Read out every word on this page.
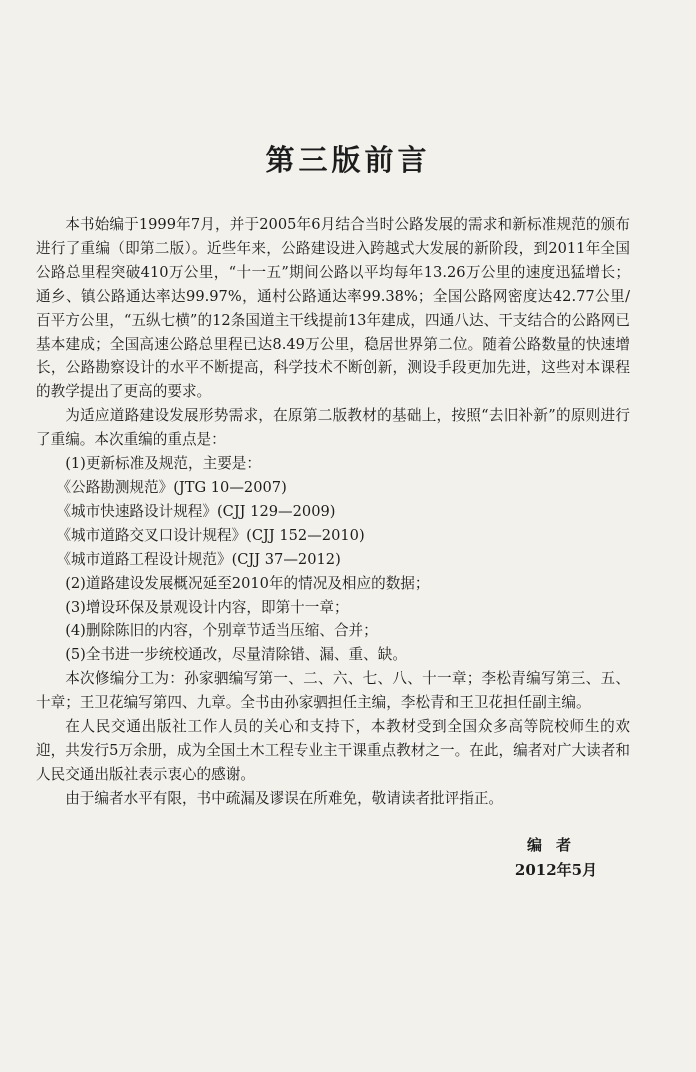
第三版前言

本书始编于1999年7月，并于2005年6月结合当时公路发展的需求和新标准规范的颁布进行了重编（即第二版）。近些年来，公路建设进入跨越式大发展的新阶段，到2011年全国公路总里程突破410万公里，“十一五”期间公路以平均每年13.26万公里的速度迅猛增长；通乡、镇公路通达率达99.97%，通村公路通达率99.38%；全国公路网密度达42.77公里/百平方公里，“五纵七横”的12条国道主干线提前13年建成，四通八达、干支结合的公路网已基本建成；全国高速公路总里程已达8.49万公里，稳居世界第二位。随着公路数量的快速增长，公路勘察设计的水平不断提高，科学技术不断创新，测设手段更加先进，这些对本课程的教学提出了更高的要求。

为适应道路建设发展形势需求，在原第二版教材的基础上，按照“去旧补新”的原则进行了重编。本次重编的重点是：

(1)更新标准及规范，主要是：

《公路勘测规范》(JTG 10—2007)

《城市快速路设计规程》(CJJ 129—2009)

《城市道路交叉口设计规程》(CJJ 152—2010)

《城市道路工程设计规范》(CJJ 37—2012)

(2)道路建设发展概况延至2010年的情况及相应的数据；

(3)增设环保及景观设计内容，即第十一章；

(4)删除陈旧的内容，个别章节适当压缩、合并；

(5)全书进一步统校通改，尽量清除错、漏、重、缺。

本次修编分工为：孙家驷编写第一、二、六、七、八、十一章；李松青编写第三、五、十章；王卫花编写第四、九章。全书由孙家驷担任主编，李松青和王卫花担任副主编。

在人民交通出版社工作人员的关心和支持下，本教材受到全国众多高等院校师生的欢迎，共发行5万余册，成为全国土木工程专业主干课重点教材之一。在此，编者对广大读者和人民交通出版社表示衷心的感谢。

由于编者水平有限，书中疏漏及谬误在所难免，敬请读者批评指正。

编者
2012年5月
